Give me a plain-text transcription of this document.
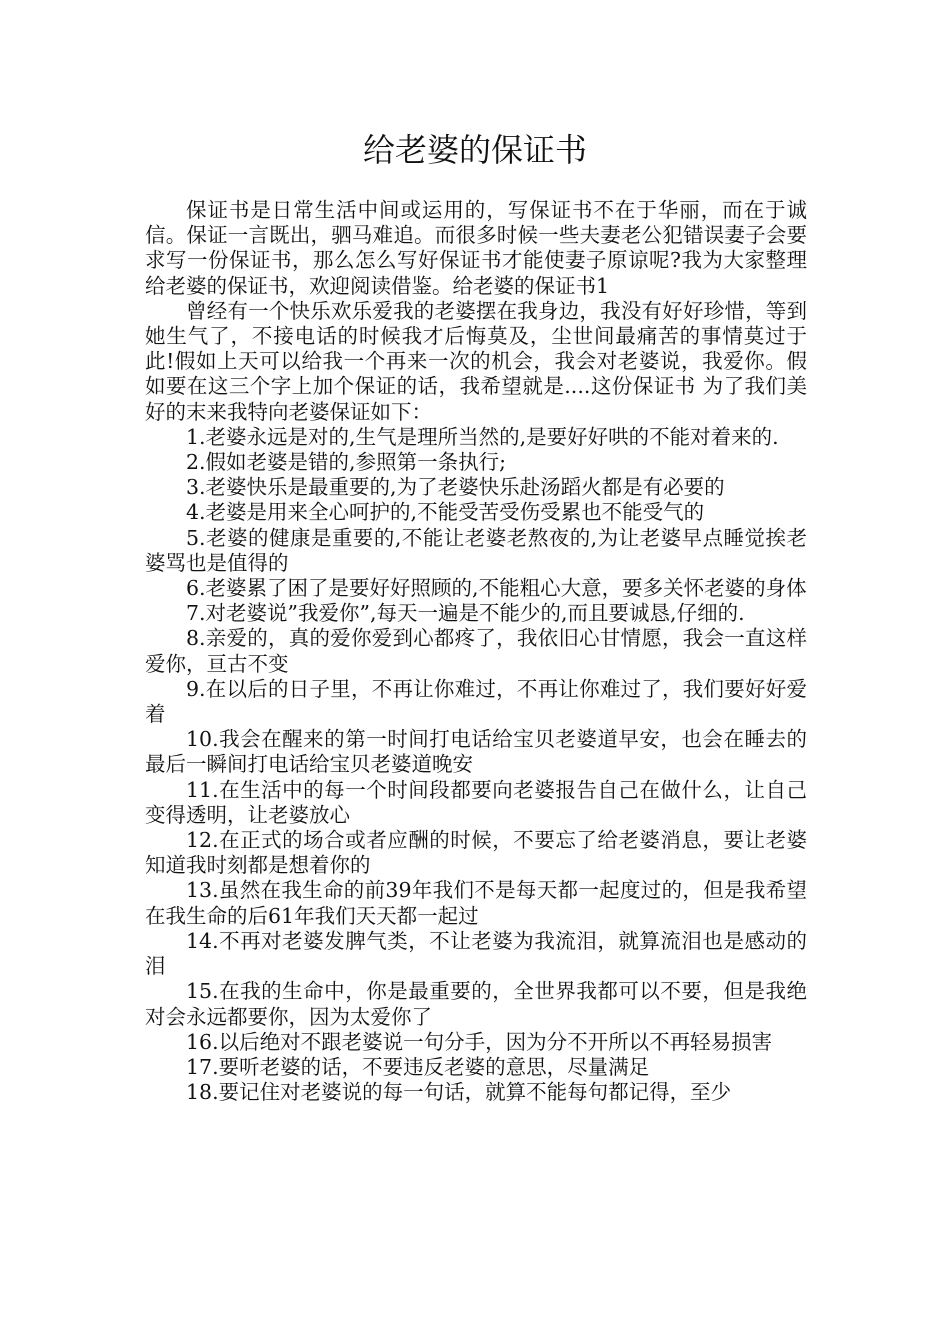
给老婆的保证书

保证书是日常生活中间或运用的，写保证书不在于华丽，而在于诚信。保证一言既出，驷马难追。而很多时候一些夫妻老公犯错误妻子会要求写一份保证书，那么怎么写好保证书才能使妻子原谅呢?我为大家整理给老婆的保证书，欢迎阅读借鉴。给老婆的保证书1

曾经有一个快乐欢乐爱我的老婆摆在我身边，我没有好好珍惜，等到她生气了，不接电话的时候我才后悔莫及，尘世间最痛苦的事情莫过于此!假如上天可以给我一个再来一次的机会，我会对老婆说，我爱你。假如要在这三个字上加个保证的话，我希望就是....这份保证书 为了我们美好的末来我特向老婆保证如下：

1.老婆永远是对的,生气是理所当然的,是要好好哄的不能对着来的.

2.假如老婆是错的,参照第一条执行;

3.老婆快乐是最重要的,为了老婆快乐赴汤蹈火都是有必要的

4.老婆是用来全心呵护的,不能受苦受伤受累也不能受气的

5.老婆的健康是重要的,不能让老婆老熬夜的,为让老婆早点睡觉挨老婆骂也是值得的

6.老婆累了困了是要好好照顾的,不能粗心大意，要多关怀老婆的身体

7.对老婆说”我爱你”,每天一遍是不能少的,而且要诚恳,仔细的.

8.亲爱的，真的爱你爱到心都疼了，我依旧心甘情愿，我会一直这样爱你，亘古不变

9.在以后的日子里，不再让你难过，不再让你难过了，我们要好好爱着

10.我会在醒来的第一时间打电话给宝贝老婆道早安，也会在睡去的最后一瞬间打电话给宝贝老婆道晚安

11.在生活中的每一个时间段都要向老婆报告自己在做什么，让自己变得透明，让老婆放心

12.在正式的场合或者应酬的时候，不要忘了给老婆消息，要让老婆知道我时刻都是想着你的

13.虽然在我生命的前39年我们不是每天都一起度过的，但是我希望在我生命的后61年我们天天都一起过

14.不再对老婆发脾气类，不让老婆为我流泪，就算流泪也是感动的泪

15.在我的生命中，你是最重要的，全世界我都可以不要，但是我绝对会永远都要你，因为太爱你了

16.以后绝对不跟老婆说一句分手，因为分不开所以不再轻易损害

17.要听老婆的话，不要违反老婆的意思，尽量满足

18.要记住对老婆说的每一句话，就算不能每句都记得，至少
